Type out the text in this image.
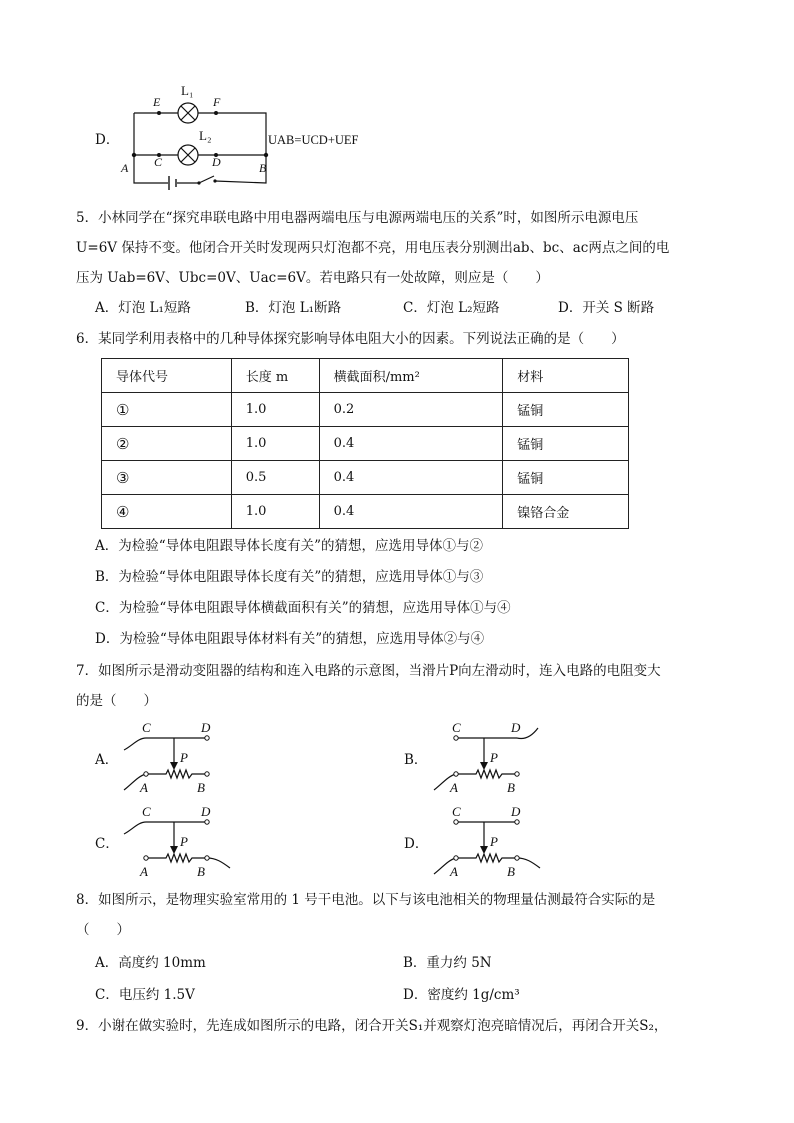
D．
E	F
C	D
A	B
L₁
L₂	UAB=UCD+UEF
5．小林同学在“探究串联电路中用电器两端电压与电源两端电压的关系”时，如图所示电源电压
U=6V 保持不变。他闭合开关时发现两只灯泡都不亮，用电压表分别测出ab、bc、ac两点之间的电
压为 Uab=6V、Ubc=0V、Uac=6V。若电路只有一处故障，则应是（　　）
A．灯泡 L₁短路	B．灯泡 L₁断路	C．灯泡 L₂短路	D．开关 S 断路
6．某同学利用表格中的几种导体探究影响导体电阻大小的因素。下列说法正确的是（　　）
导体代号	长度 m	横截面积/mm²	材料
①	1.0	0.2	锰铜
②	1.0	0.4	锰铜
③	0.5	0.4	锰铜
④	1.0	0.4	镍铬合金
A．为检验“导体电阻跟导体长度有关”的猜想，应选用导体①与②
B．为检验“导体电阻跟导体长度有关”的猜想，应选用导体①与③
C．为检验“导体电阻跟导体横截面积有关”的猜想，应选用导体①与④
D．为检验“导体电阻跟导体材料有关”的猜想，应选用导体②与④
7．如图所示是滑动变阻器的结构和连入电路的示意图，当滑片P向左滑动时，连入电路的电阻变大
的是（　　）
A．	B．
C．	D．
C	D
P
A	B
C	D
P
A	B
C	D
P
A	B
C	D
P
A	B
8．如图所示，是物理实验室常用的 1 号干电池。以下与该电池相关的物理量估测最符合实际的是
（　　）
A．高度约 10mm	B．重力约 5N
C．电压约 1.5V	D．密度约 1g/cm³
9．小谢在做实验时，先连成如图所示的电路，闭合开关S₁并观察灯泡亮暗情况后，再闭合开关S₂，
